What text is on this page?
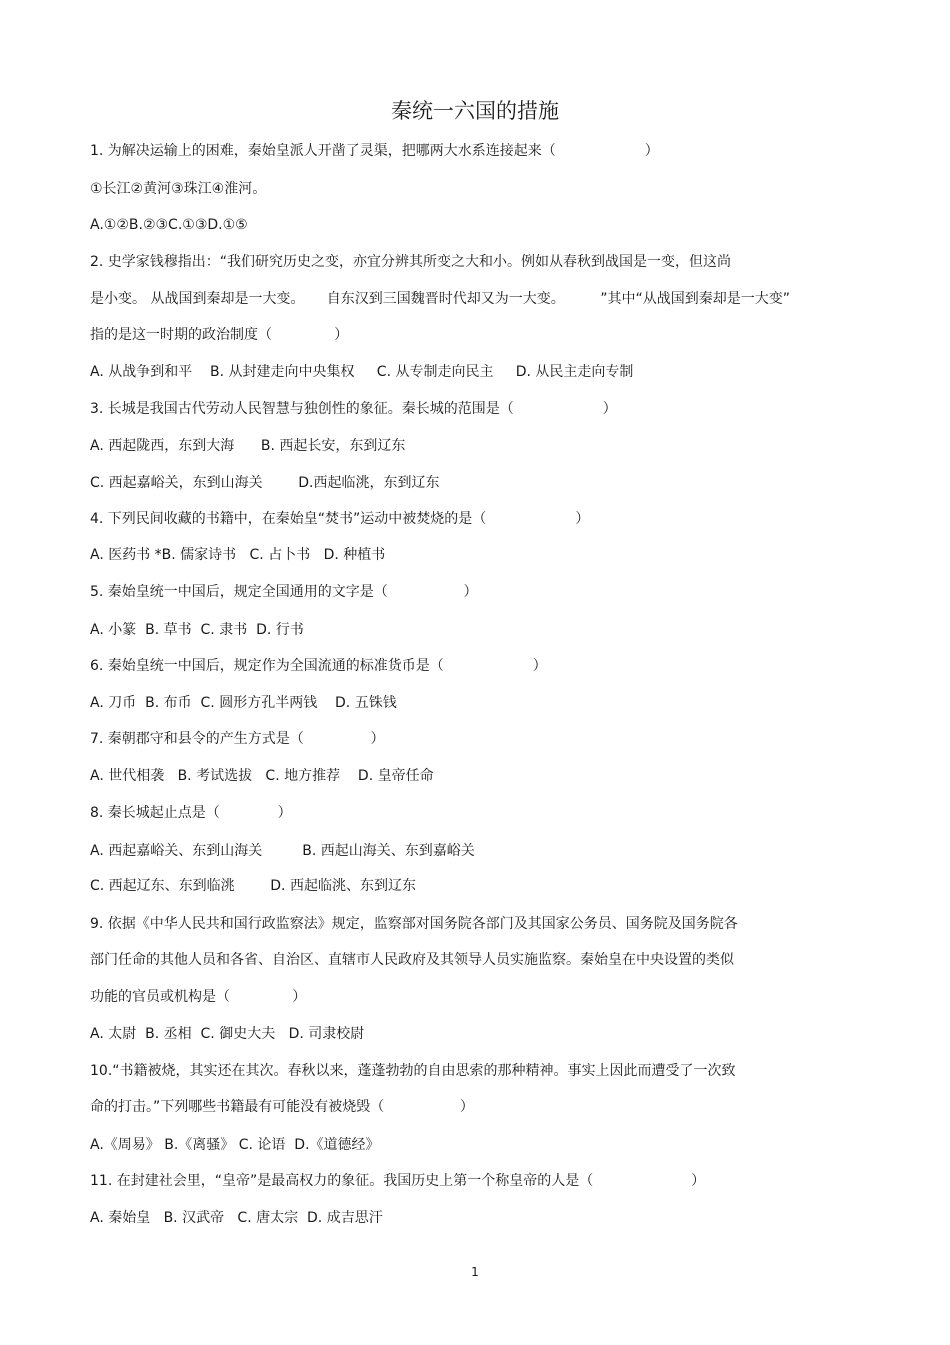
秦统一六国的措施
1. 为解决运输上的困难，秦始皇派人开凿了灵渠，把哪两大水系连接起来（                    ）
①长江②黄河③珠江④淮河。
A.①②B.②③C.①③D.①⑤
2. 史学家钱穆指出：“我们研究历史之变，亦宜分辨其所变之大和小。例如从春秋到战国是一变，但这尚
是小变。 从战国到秦却是一大变。     自东汉到三国魏晋时代却又为一大变。        ”其中“从战国到秦却是一大变”
指的是这一时期的政治制度（              ）
A. 从战争到和平    B. 从封建走向中央集权     C. 从专制走向民主     D. 从民主走向专制
3. 长城是我国古代劳动人民智慧与独创性的象征。秦长城的范围是（                    ）
A. 西起陇西，东到大海      B. 西起长安，东到辽东
C. 西起嘉峪关，东到山海关        D.西起临洮，东到辽东
4. 下列民间收藏的书籍中，在秦始皇“焚书”运动中被焚烧的是（                    ）
A. 医药书 *B. 儒家诗书   C. 占卜书   D. 种植书
5. 秦始皇统一中国后，规定全国通用的文字是（                 ）
A. 小篆  B. 草书  C. 隶书  D. 行书
6. 秦始皇统一中国后，规定作为全国流通的标准货币是（                    ）
A. 刀币  B. 布币  C. 圆形方孔半两钱    D. 五铢钱
7. 秦朝郡守和县令的产生方式是（               ）
A. 世代相袭   B. 考试选拔   C. 地方推荐    D. 皇帝任命
8. 秦长城起止点是（             ）
A. 西起嘉峪关、东到山海关         B. 西起山海关、东到嘉峪关
C. 西起辽东、东到临洮        D. 西起临洮、东到辽东
9. 依据《中华人民共和国行政监察法》规定，监察部对国务院各部门及其国家公务员、国务院及国务院各
部门任命的其他人员和各省、自治区、直辖市人民政府及其领导人员实施监察。秦始皇在中央设置的类似
功能的官员或机构是（              ）
A. 太尉  B. 丞相  C. 御史大夫   D. 司隶校尉
10.“书籍被烧，其实还在其次。春秋以来，蓬蓬勃勃的自由思索的那种精神。事实上因此而遭受了一次致
命的打击。”下列哪些书籍最有可能没有被烧毁（                 ）
A.《周易》 B.《离骚》 C. 论语  D.《道德经》
11. 在封建社会里，“皇帝”是最高权力的象征。我国历史上第一个称皇帝的人是（                      ）
A. 秦始皇   B. 汉武帝   C. 唐太宗  D. 成吉思汗
1
